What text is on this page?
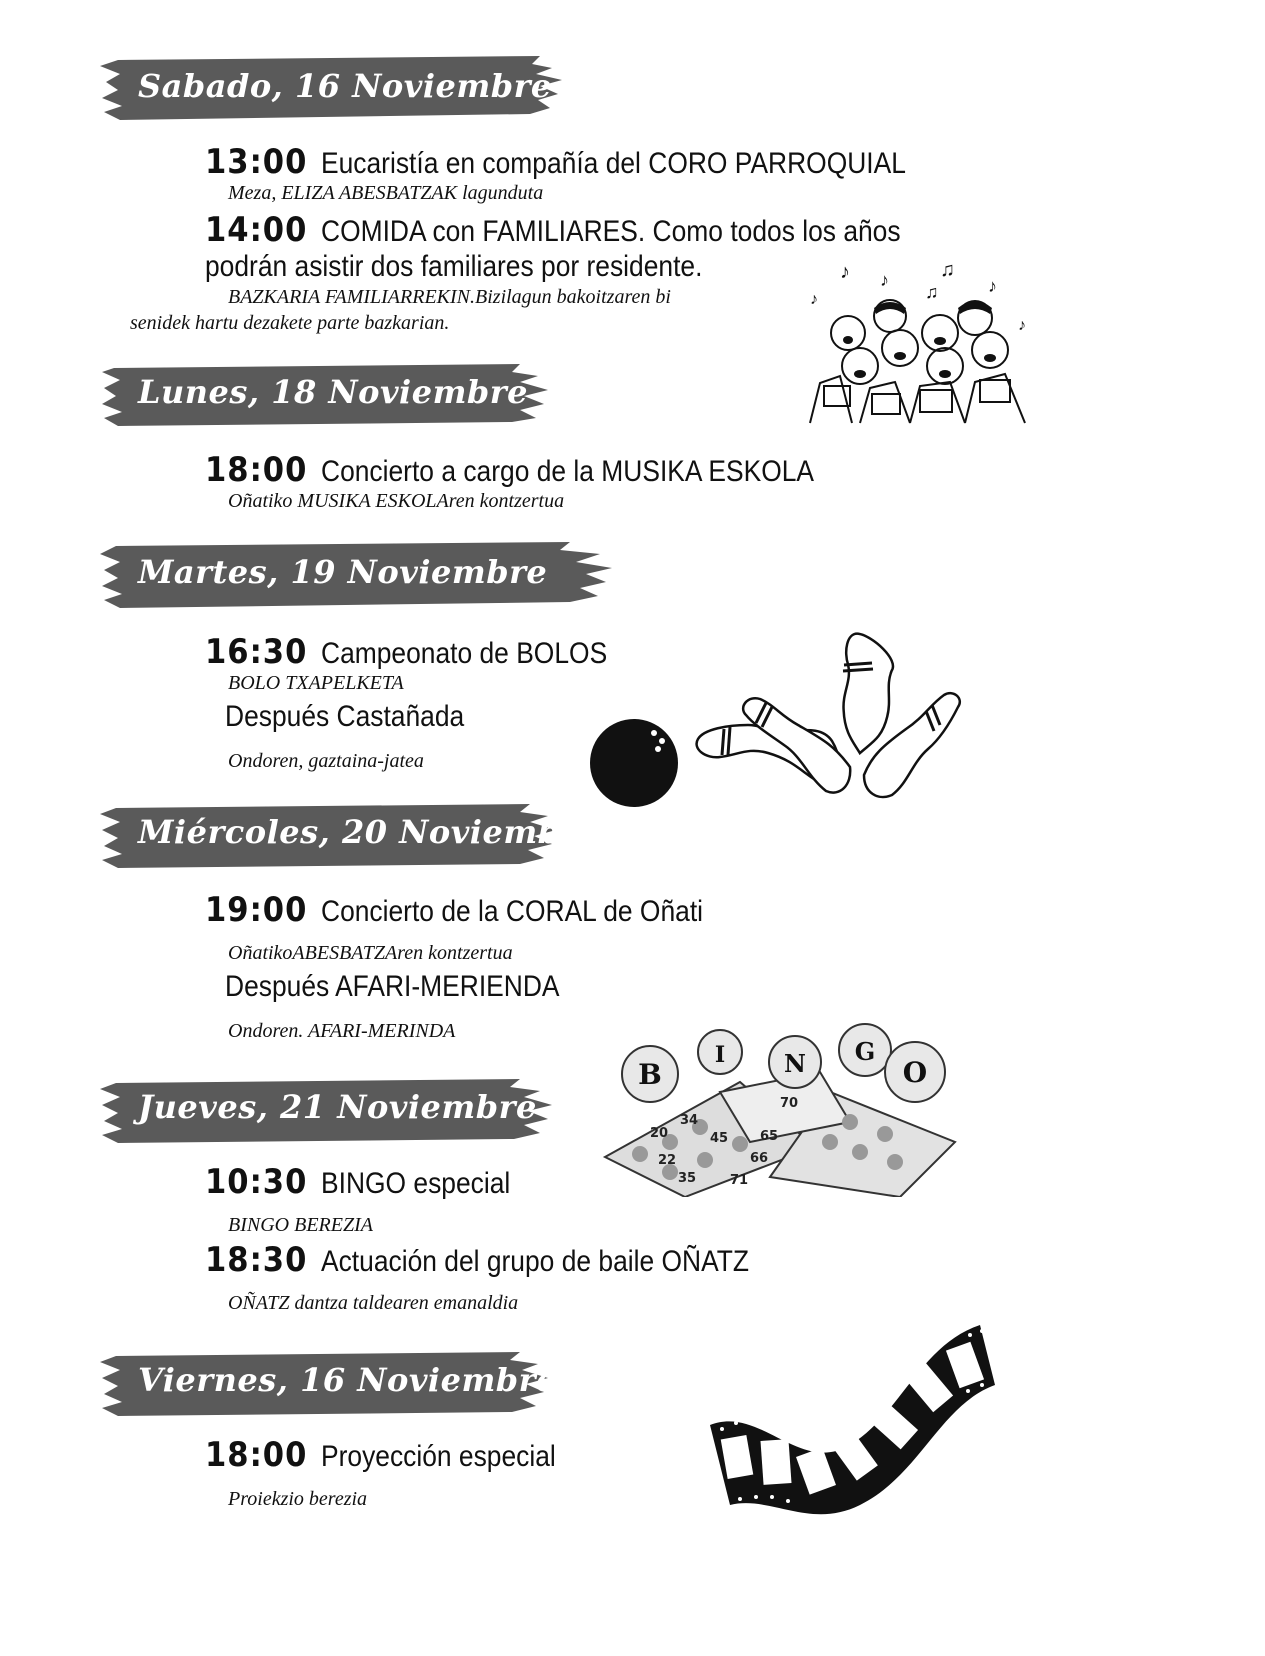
Sabado, 16 Noviembre
13:00 Eucaristía en compañía del CORO PARROQUIAL
Meza, ELIZA ABESBATZAK lagunduta
14:00 COMIDA con FAMILIARES. Como todos los años
podrán asistir dos familiares por residente.
BAZKARIA FAMILIARREKIN.Bizilagun bakoitzaren bi
senidek hartu dezakete parte bazkarian.
♪ ♪
♫
♫
♪
♪
♪
Lunes, 18 Noviembre
18:00 Concierto a cargo de la MUSIKA ESKOLA
Oñatiko MUSIKA ESKOLAren kontzertua
Martes, 19 Noviembre
16:30 Campeonato de BOLOS
BOLO TXAPELKETA
Después Castañada
Ondoren, gaztaina-jatea
Miércoles, 20 Noviembre
19:00 Concierto de la CORAL de Oñati
OñatikoABESBATZAren kontzertua
Después AFARI-MERIENDA
Ondoren. AFARI-MERINDA
20
34
70
45 65
22	66
35	71
B
I N G
O
Jueves, 21 Noviembre
10:30 BINGO especial
BINGO BEREZIA
18:30 Actuación del grupo de baile OÑATZ
OÑATZ dantza taldearen emanaldia
Viernes, 16 Noviembre
18:00 Proyección especial
Proiekzio berezia
